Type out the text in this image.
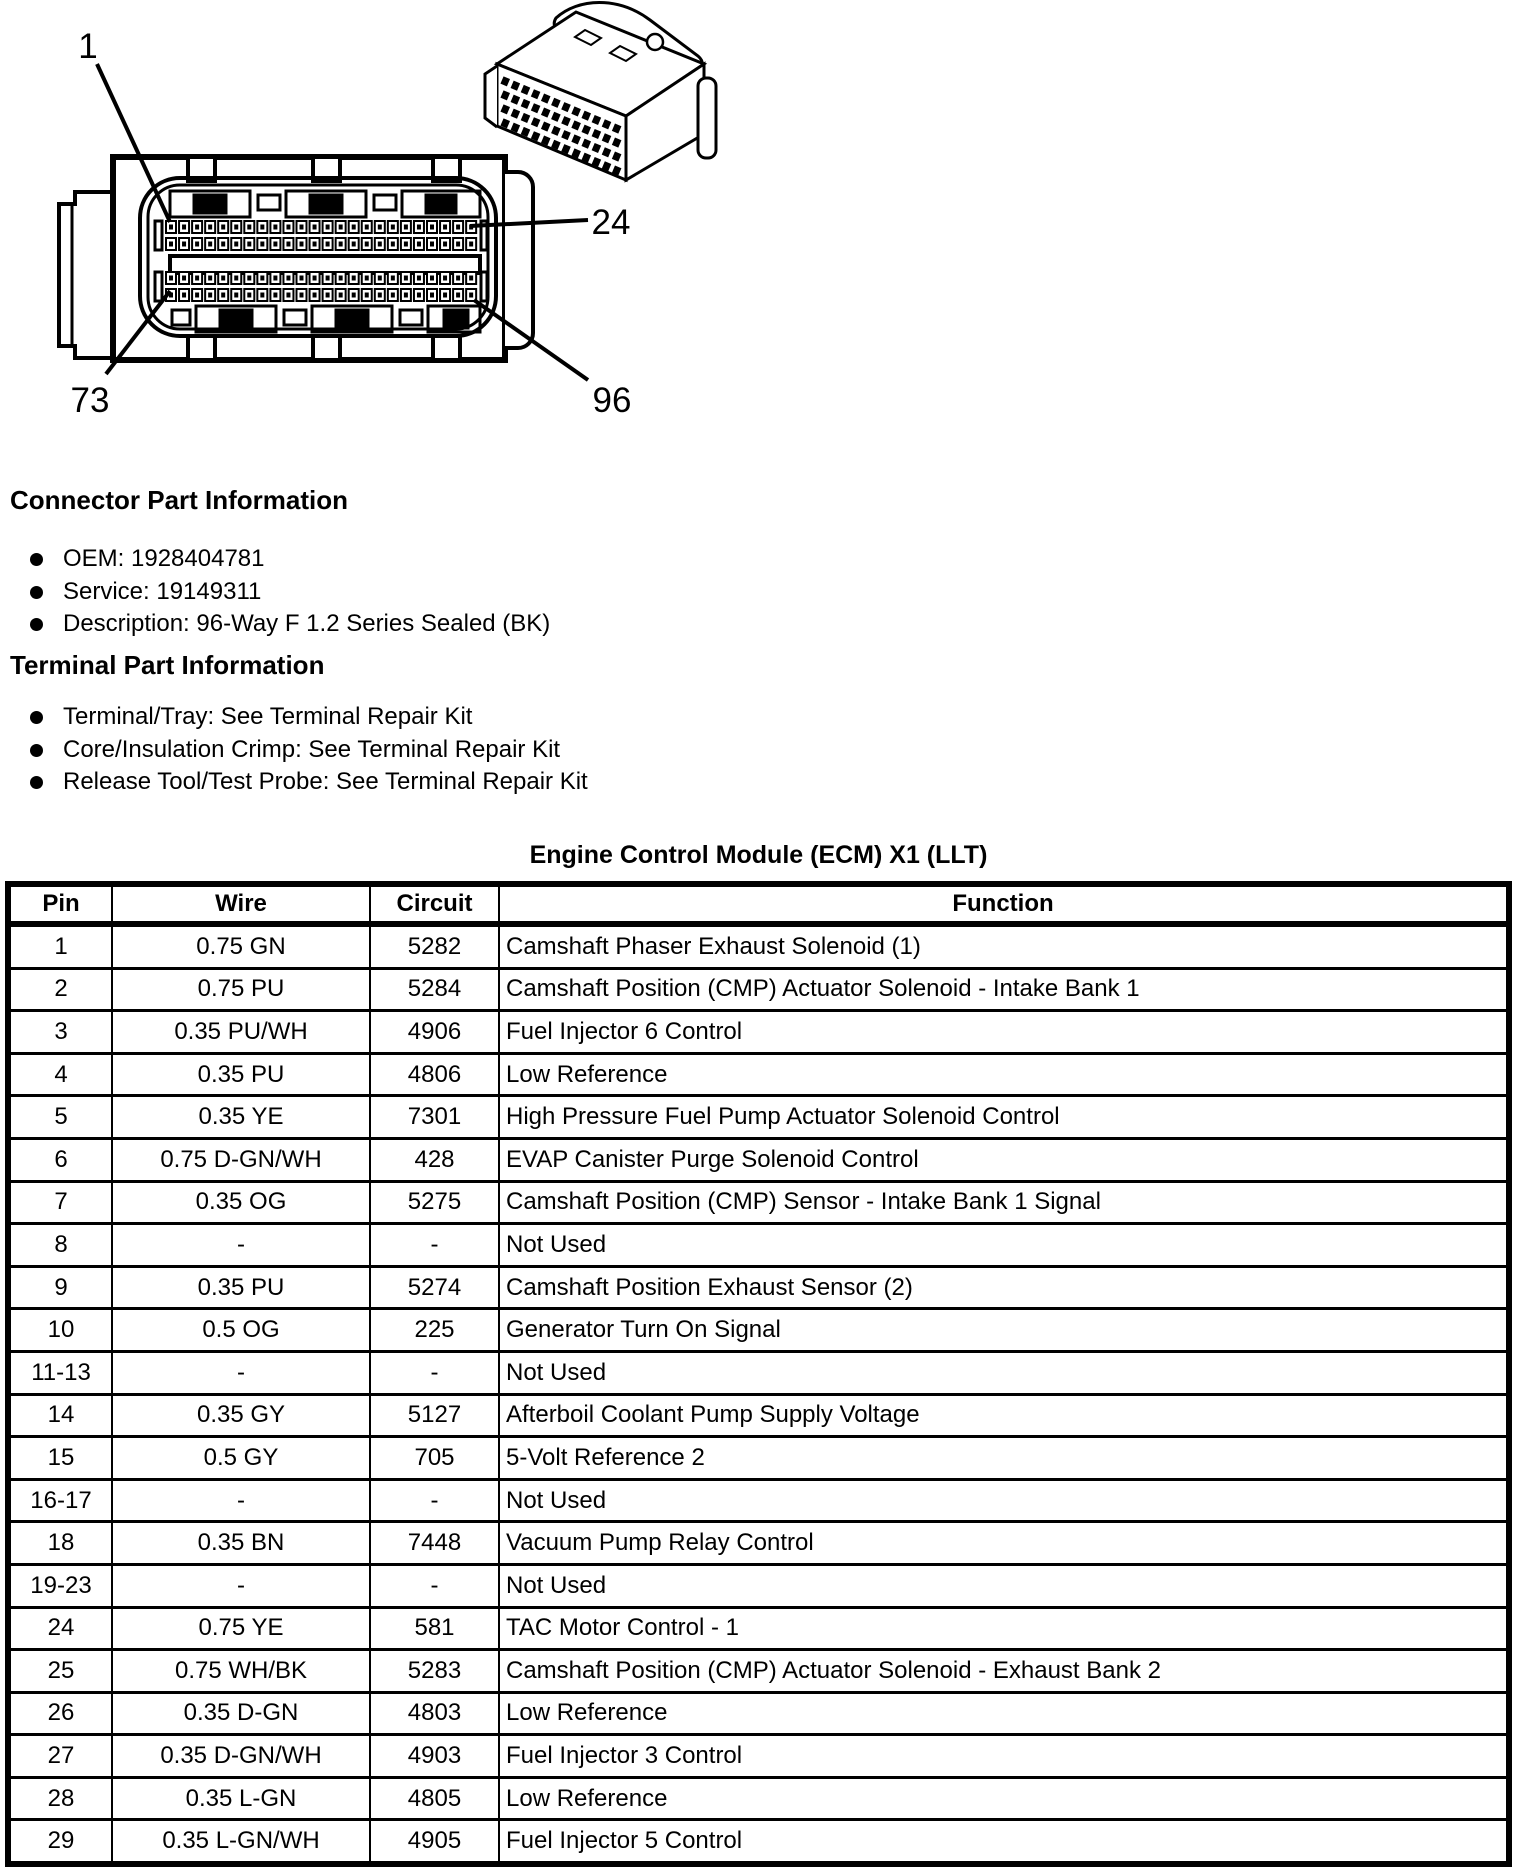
1
24
73	96
Connector Part Information
OEM: 1928404781
Service: 19149311
Description: 96-Way F 1.2 Series Sealed (BK)
Terminal Part Information
Terminal/Tray: See Terminal Repair Kit
Core/Insulation Crimp: See Terminal Repair Kit
Release Tool/Test Probe: See Terminal Repair Kit
Engine Control Module (ECM) X1 (LLT)
Pin	Wire	Circuit	Function
1	0.75 GN	5282	Camshaft Phaser Exhaust Solenoid (1)
2	0.75 PU	5284	Camshaft Position (CMP) Actuator Solenoid - Intake Bank 1
3	0.35 PU/WH	4906	Fuel Injector 6 Control
4	0.35 PU	4806	Low Reference
5	0.35 YE	7301	High Pressure Fuel Pump Actuator Solenoid Control
6	0.75 D-GN/WH	428	EVAP Canister Purge Solenoid Control
7	0.35 OG	5275	Camshaft Position (CMP) Sensor - Intake Bank 1 Signal
8	-	-	Not Used
9	0.35 PU	5274	Camshaft Position Exhaust Sensor (2)
10	0.5 OG	225	Generator Turn On Signal
11-13	-	-	Not Used
14	0.35 GY	5127	Afterboil Coolant Pump Supply Voltage
15	0.5 GY	705	5-Volt Reference 2
16-17	-	-	Not Used
18	0.35 BN	7448	Vacuum Pump Relay Control
19-23	-	-	Not Used
24	0.75 YE	581	TAC Motor Control - 1
25	0.75 WH/BK	5283	Camshaft Position (CMP) Actuator Solenoid - Exhaust Bank 2
26	0.35 D-GN	4803	Low Reference
27	0.35 D-GN/WH	4903	Fuel Injector 3 Control
28	0.35 L-GN	4805	Low Reference
29	0.35 L-GN/WH	4905	Fuel Injector 5 Control
